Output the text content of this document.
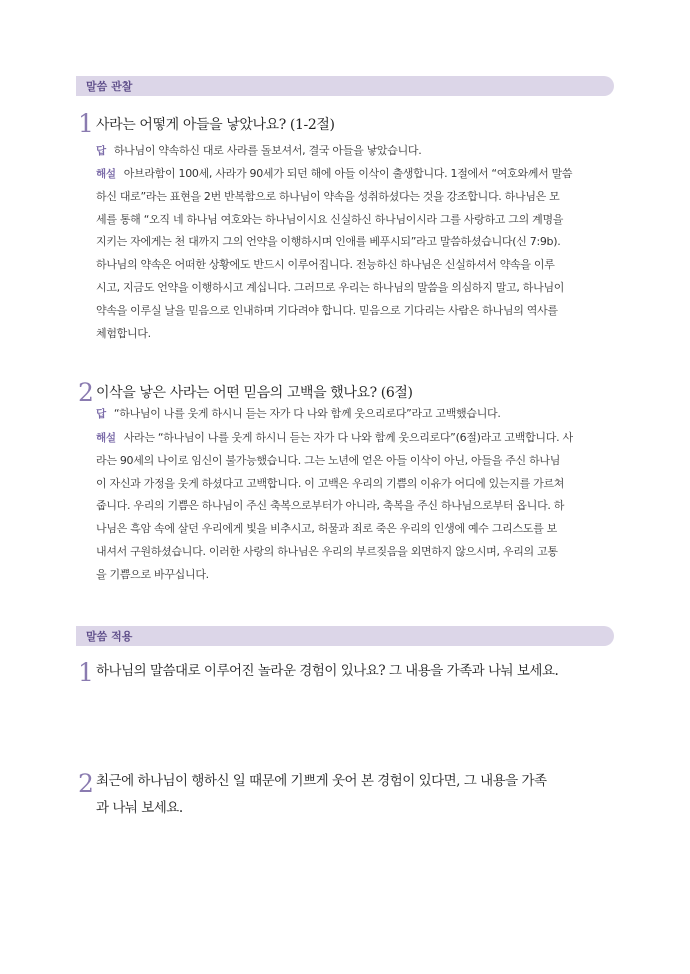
말씀 관찰
1 사라는 어떻게 아들을 낳았나요? (1-2절)
답 하나님이 약속하신 대로 사라를 돌보셔서, 결국 아들을 낳았습니다.
해설 아브라함이 100세, 사라가 90세가 되던 해에 아들 이삭이 출생합니다. 1절에서 “여호와께서 말씀
하신 대로”라는 표현을 2번 반복함으로 하나님이 약속을 성취하셨다는 것을 강조합니다. 하나님은 모
세를 통해 “오직 네 하나님 여호와는 하나님이시요 신실하신 하나님이시라 그를 사랑하고 그의 계명을
지키는 자에게는 천 대까지 그의 언약을 이행하시며 인애를 베푸시되”라고 말씀하셨습니다(신 7:9b).
하나님의 약속은 어떠한 상황에도 반드시 이루어집니다. 전능하신 하나님은 신실하셔서 약속을 이루
시고, 지금도 언약을 이행하시고 계십니다. 그러므로 우리는 하나님의 말씀을 의심하지 말고, 하나님이
약속을 이루실 날을 믿음으로 인내하며 기다려야 합니다. 믿음으로 기다리는 사람은 하나님의 역사를
체험합니다.
2 이삭을 낳은 사라는 어떤 믿음의 고백을 했나요? (6절)
답 “하나님이 나를 웃게 하시니 듣는 자가 다 나와 함께 웃으리로다”라고 고백했습니다.
해설 사라는 “하나님이 나를 웃게 하시니 듣는 자가 다 나와 함께 웃으리로다”(6절)라고 고백합니다. 사
라는 90세의 나이로 임신이 불가능했습니다. 그는 노년에 얻은 아들 이삭이 아닌, 아들을 주신 하나님
이 자신과 가정을 웃게 하셨다고 고백합니다. 이 고백은 우리의 기쁨의 이유가 어디에 있는지를 가르쳐
줍니다. 우리의 기쁨은 하나님이 주신 축복으로부터가 아니라, 축복을 주신 하나님으로부터 옵니다. 하
나님은 흑암 속에 살던 우리에게 빛을 비추시고, 허물과 죄로 죽은 우리의 인생에 예수 그리스도를 보
내셔서 구원하셨습니다. 이러한 사랑의 하나님은 우리의 부르짖음을 외면하지 않으시며, 우리의 고통
을 기쁨으로 바꾸십니다.
말씀 적용
1 하나님의 말씀대로 이루어진 놀라운 경험이 있나요? 그 내용을 가족과 나눠 보세요.
2 최근에 하나님이 행하신 일 때문에 기쁘게 웃어 본 경험이 있다면, 그 내용을 가족
과 나눠 보세요.
